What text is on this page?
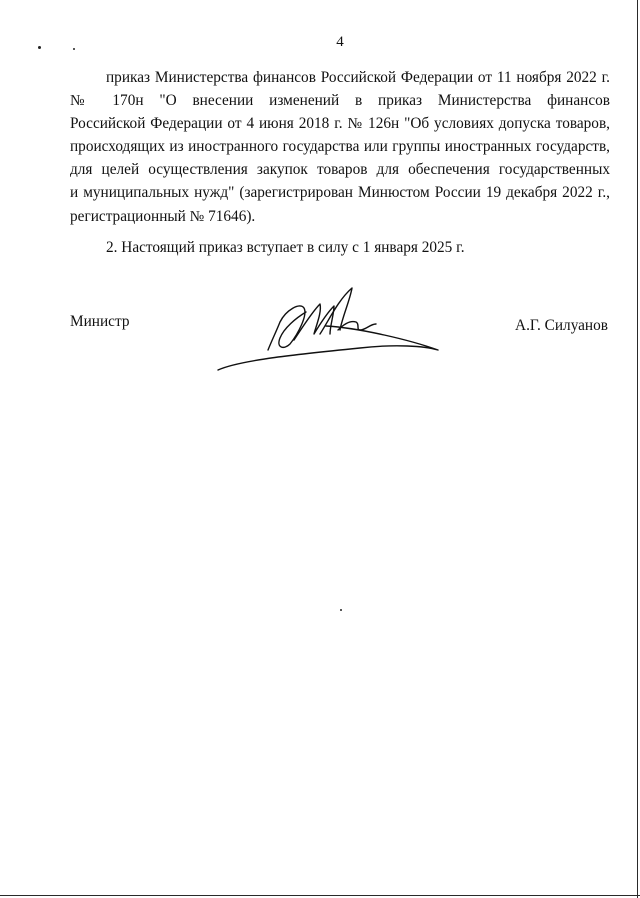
4
приказ Министерства финансов Российской Федерации от 11 ноября 2022 г.
№ 170н "О внесении изменений в приказ Министерства финансов
Российской Федерации от 4 июня 2018 г. № 126н "Об условиях допуска товаров,
происходящих из иностранного государства или группы иностранных государств,
для целей осуществления закупок товаров для обеспечения государственных
и муниципальных нужд" (зарегистрирован Минюстом России 19 декабря 2022 г.,
регистрационный № 71646).
2. Настоящий приказ вступает в силу с 1 января 2025 г.
Министр	А.Г. Силуанов
